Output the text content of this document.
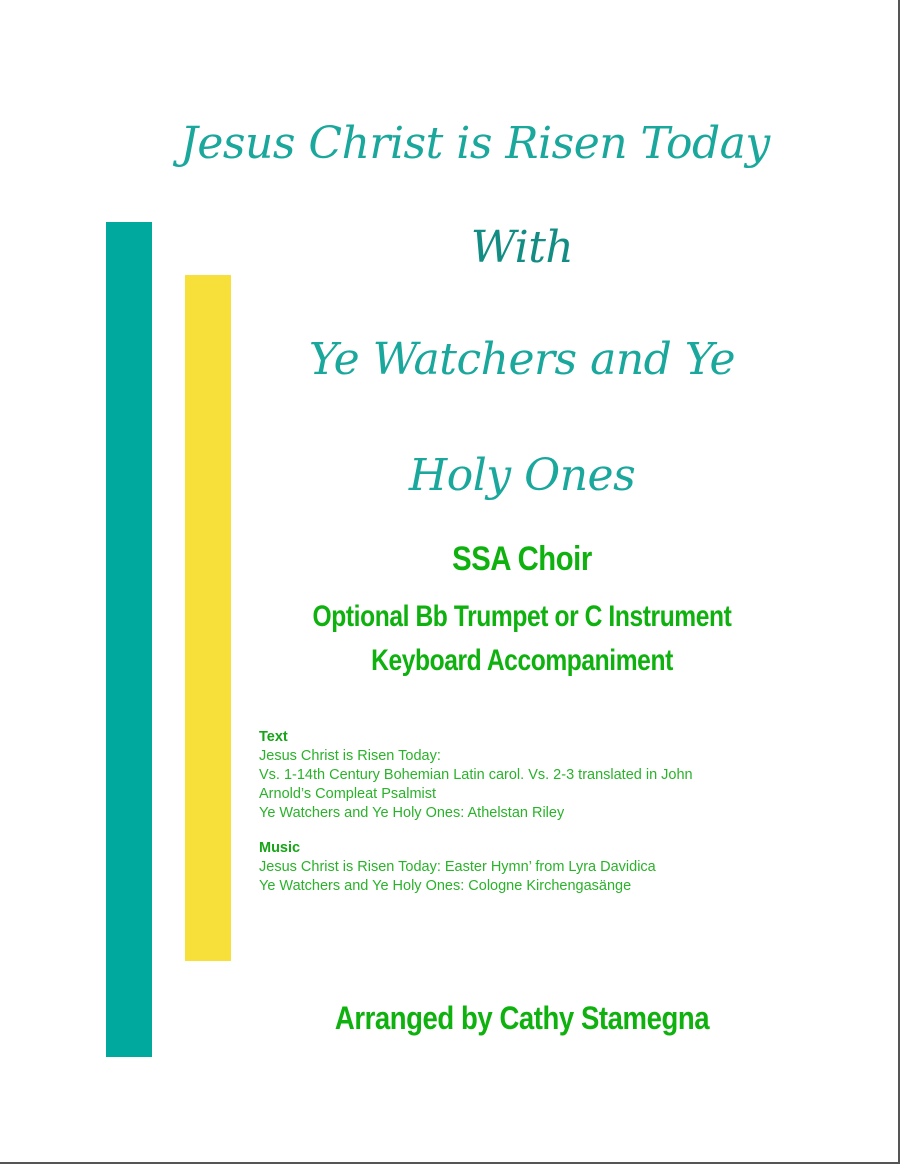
Jesus Christ is Risen Today
With
Ye Watchers and Ye
Holy Ones
SSA Choir
Optional Bb Trumpet or C Instrument
Keyboard Accompaniment
Text
Jesus Christ is Risen Today:
Vs. 1-14th Century Bohemian Latin carol. Vs. 2-3 translated in John
Arnold’s Compleat Psalmist
Ye Watchers and Ye Holy Ones: Athelstan Riley
Music
Jesus Christ is Risen Today: Easter Hymn’ from Lyra Davidica
Ye Watchers and Ye Holy Ones: Cologne Kirchengasänge
Arranged by Cathy Stamegna
